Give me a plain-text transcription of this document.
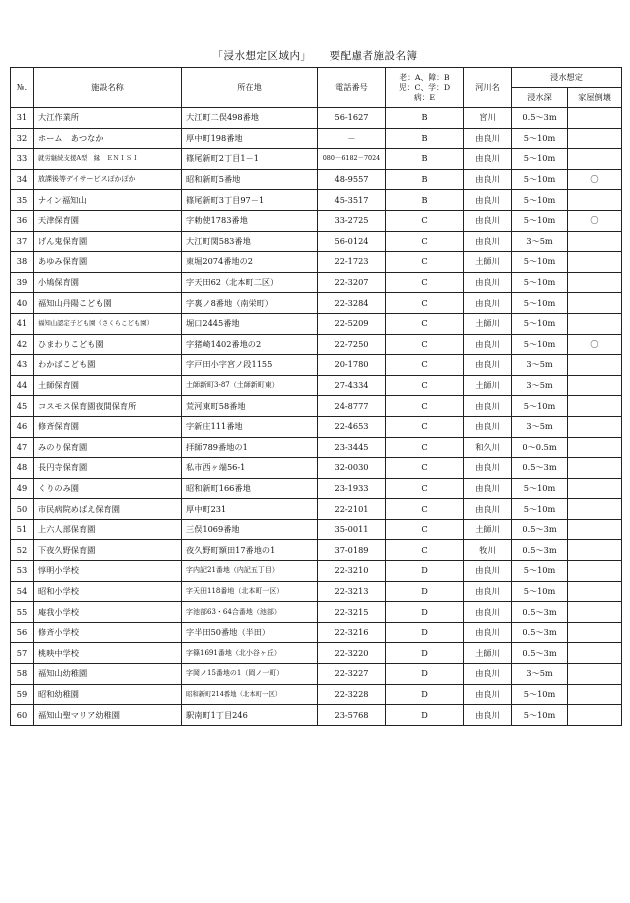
「浸水想定区域内」 要配慮者施設名簿
№.	施設名称	所在地	電話番号	老：A、障：B
児：C、学：D
病：E	河川名	浸水想定	
						浸水深	家屋倒壊
31	大江作業所	大江町二俣498番地	56-1627	B	宮川	0.5～3m	
32	ホーム　あつなか	厚中町198番地	－	B	由良川	5～10m	
33	就労継続支援A型　縁　ＥＮＩＳＩ	篠尾新町2丁目1－1	080－6182－7024	B	由良川	5～10m	
34	放課後等デイサービスぽかぽか	昭和新町5番地	48-9557	B	由良川	5～10m	〇
35	ナイン福知山	篠尾新町3丁目97－1	45-3517	B	由良川	5～10m	
36	天津保育園	字勅使1783番地	33-2725	C	由良川	5～10m	〇
37	げん鬼保育園	大江町関583番地	56-0124	C	由良川	3～5m	
38	あゆみ保育園	東堀2074番地の2	22-1723	C	土師川	5～10m	
39	小鳩保育園	字天田62（北本町二区）	22-3207	C	由良川	5～10m	
40	福知山丹陽こども園	字裏ノ8番地（南栄町）	22-3284	C	由良川	5～10m	
41	福知山認定子ども園（さくらこども園）	堀口2445番地	22-5209	C	土師川	5～10m	
42	ひまわりこども園	字猪崎1402番地の2	22-7250	C	由良川	5～10m	〇
43	わかばこども園	字戸田小字宮ノ段1155	20-1780	C	由良川	3～5m	
44	土師保育園	土師新町3-87（土師新町東）	27-4334	C	土師川	3～5m	
45	コスモス保育園夜間保育所	荒河東町58番地	24-8777	C	由良川	5～10m	
46	修斉保育園	字新庄111番地	22-4653	C	由良川	3～5m	
47	みのり保育園	拝師789番地の1	23-3445	C	和久川	0～0.5m	
48	長円寺保育園	私市西ヶ端56-1	32-0030	C	由良川	0.5～3m	
49	くりのみ園	昭和新町166番地	23-1933	C	由良川	5～10m	
50	市民病院めばえ保育園	厚中町231	22-2101	C	由良川	5～10m	
51	上六人部保育園	三俣1069番地	35-0011	C	土師川	0.5～3m	
52	下夜久野保育園	夜久野町額田17番地の1	37-0189	C	牧川	0.5～3m	
53	惇明小学校	字内記21番地（内記五丁目）	22-3210	D	由良川	5～10m	
54	昭和小学校	字天田118番地（北本町一区）	22-3213	D	由良川	5～10m	
55	庵我小学校	字池部63・64合番地（池部）	22-3215	D	由良川	0.5～3m	
56	修斉小学校	字半田50番地（半田）	22-3216	D	由良川	0.5～3m	
57	桃映中学校	字篠1691番地（北小谷ヶ丘）	22-3220	D	土師川	0.5～3m	
58	福知山幼稚園	字岡ノ15番地の1（岡ノ一町）	22-3227	D	由良川	3～5m	
59	昭和幼稚園	昭和新町214番地（北本町一区）	22-3228	D	由良川	5～10m	
60	福知山聖マリア幼稚園	駅南町1丁目246	23-5768	D	由良川	5～10m	
